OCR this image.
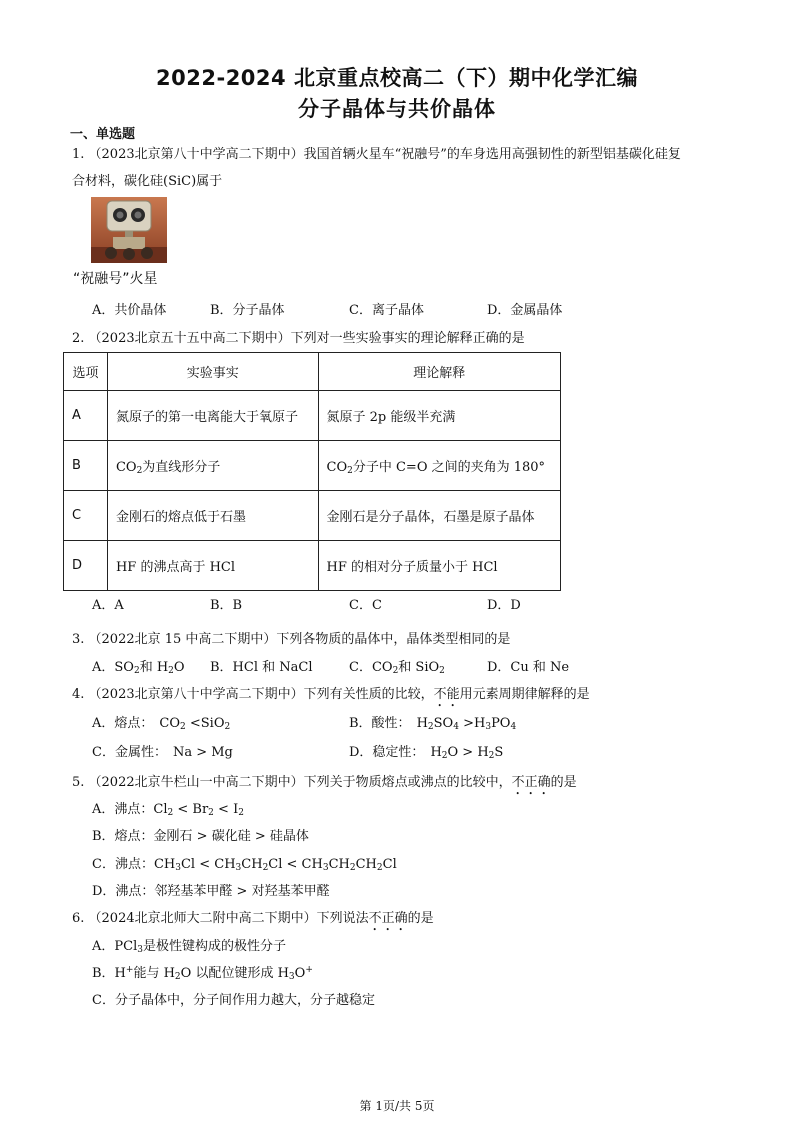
2022-2024 北京重点校高二（下）期中化学汇编
分子晶体与共价晶体
一、单选题
1. （2023北京第八十中学高二下期中）我国首辆火星车“祝融号”的车身选用高强韧性的新型铝基碳化硅复
合材料，碳化硅(SiC)属于
“祝融号”火星
A．共价晶体	B．分子晶体	C．离子晶体	D．金属晶体
2. （2023北京五十五中高二下期中）下列对一些实验事实的理论解释正确的是
选项	实验事实	理论解释
A	氮原子的第一电离能大于氧原子	氮原子 2p 能级半充满
B	$CO_2$为直线形分子	$CO_2$分子中 C=O 之间的夹角为 180°
C	金刚石的熔点低于石墨	金刚石是分子晶体，石墨是原子晶体
D	HF 的沸点高于 HCl	HF 的相对分子质量小于 HCl
A．A	B．B	C．C	D．D
3. （2022北京 15 中高二下期中）下列各物质的晶体中，晶体类型相同的是
A．$SO_2$和 $H_2O$ B．HCl 和 NaCl	C．$CO_2$和 SiO$_2$	D．Cu 和 Ne
4. （2023北京第八十中学高二下期中）下列有关性质的比较，不能用元素周期律解释的是
A．熔点： $CO_2 <SiO_2$	B．酸性： $H_2SO_4 >H_3PO_4$
C．金属性： Na > Mg	D．稳定性： $H_2O > H_2S$
5. （2022北京牛栏山一中高二下期中）下列关于物质熔点或沸点的比较中，不正确的是
A．沸点：$Cl_2 < Br_2 < I_2$
B．熔点：金刚石 > 碳化硅 > 硅晶体
C．沸点：$CH_3Cl < CH_3CH_2Cl < CH_3CH_2CH_2Cl$
D．沸点：邻羟基苯甲醛 > 对羟基苯甲醛
6. （2024北京北师大二附中高二下期中）下列说法不正确的是
A．PCl$_3$是极性键构成的极性分子
B．H+能与 $H_2O$ 以配位键形成 $H_3O^+$
C．分子晶体中，分子间作用力越大，分子越稳定
第 1页/共 5页
